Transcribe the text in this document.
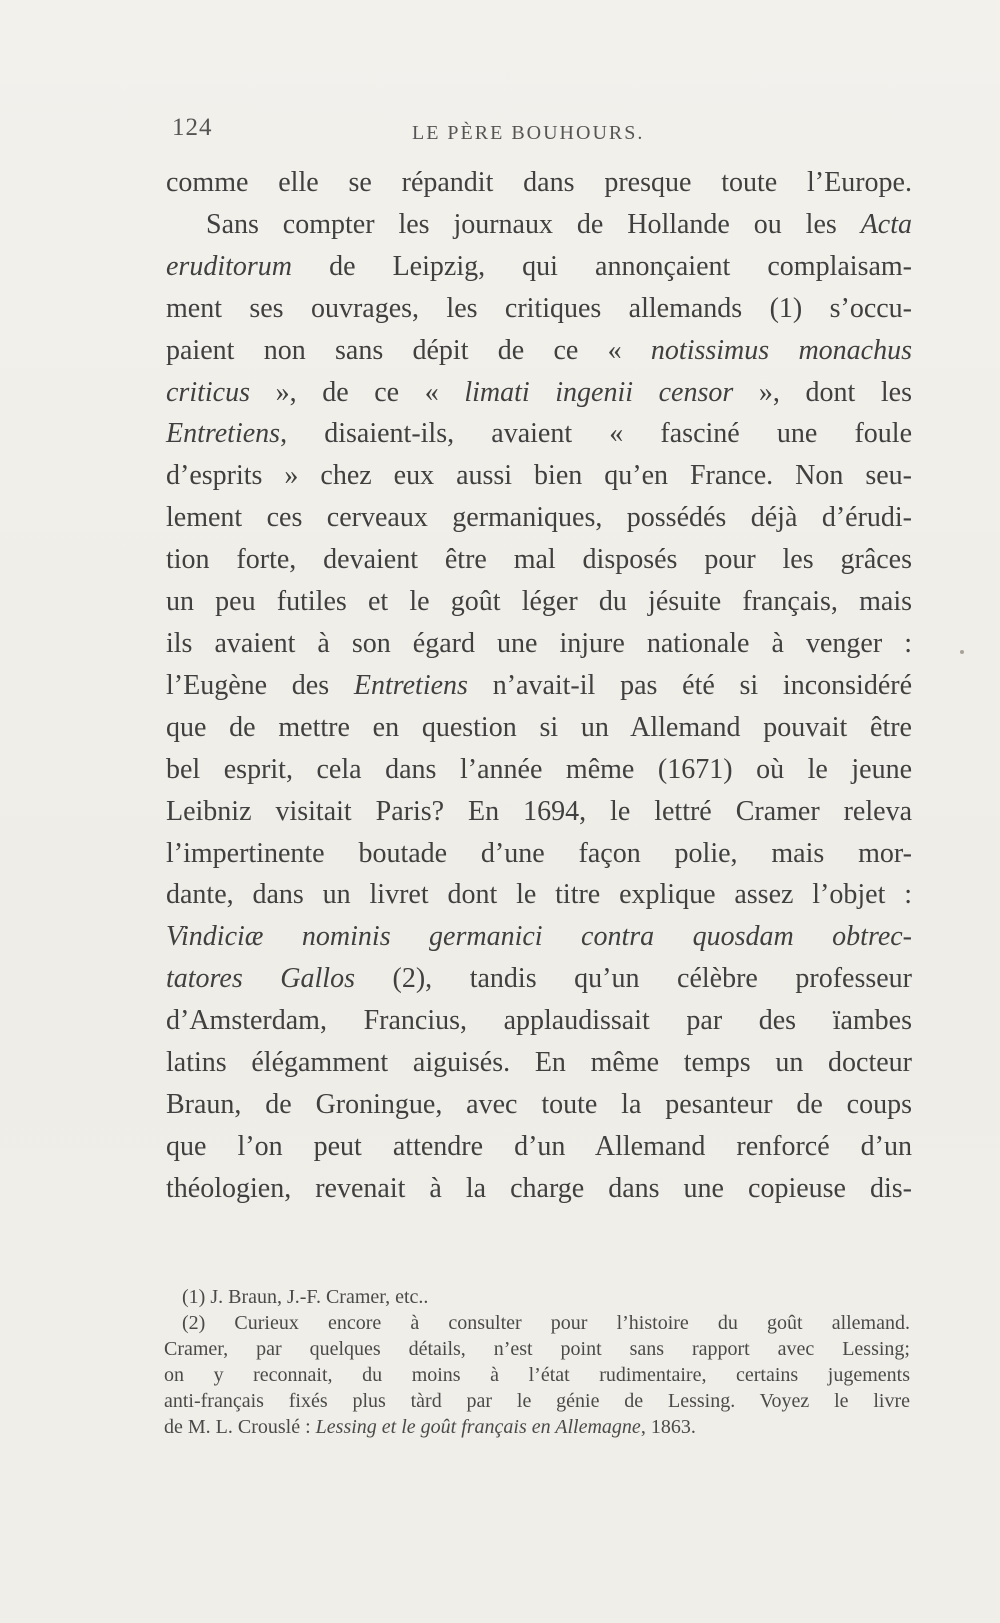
124	LE PÈRE BOUHOURS.
comme elle se répandit dans presque toute l’Europe.
Sans compter les journaux de Hollande ou les Acta
eruditorum de Leipzig, qui annonçaient complaisam-
ment ses ouvrages, les critiques allemands (1) s’occu-
paient non sans dépit de ce « notissimus monachus
criticus », de ce « limati ingenii censor », dont les
Entretiens, disaient-ils, avaient « fasciné une foule
d’esprits » chez eux aussi bien qu’en France. Non seu-
lement ces cerveaux germaniques, possédés déjà d’érudi-
tion forte, devaient être mal disposés pour les grâces
un peu futiles et le goût léger du jésuite français, mais
ils avaient à son égard une injure nationale à venger :
l’Eugène des Entretiens n’avait-il pas été si inconsidéré
que de mettre en question si un Allemand pouvait être
bel esprit, cela dans l’année même (1671) où le jeune
Leibniz visitait Paris? En 1694, le lettré Cramer releva
l’impertinente boutade d’une façon polie, mais mor-
dante, dans un livret dont le titre explique assez l’objet :
Vindiciæ nominis germanici contra quosdam obtrec-
tatores Gallos (2), tandis qu’un célèbre professeur
d’Amsterdam, Francius, applaudissait par des ïambes
latins élégamment aiguisés. En même temps un docteur
Braun, de Groningue, avec toute la pesanteur de coups
que l’on peut attendre d’un Allemand renforcé d’un
théologien, revenait à la charge dans une copieuse dis-
(1) J. Braun, J.-F. Cramer, etc..
(2) Curieux encore à consulter pour l’histoire du goût allemand.
Cramer, par quelques détails, n’est point sans rapport avec Lessing;
on y reconnait, du moins à l’état rudimentaire, certains jugements
anti-français fixés plus tàrd par le génie de Lessing. Voyez le livre
de M. L. Crouslé : Lessing et le goût français en Allemagne, 1863.
